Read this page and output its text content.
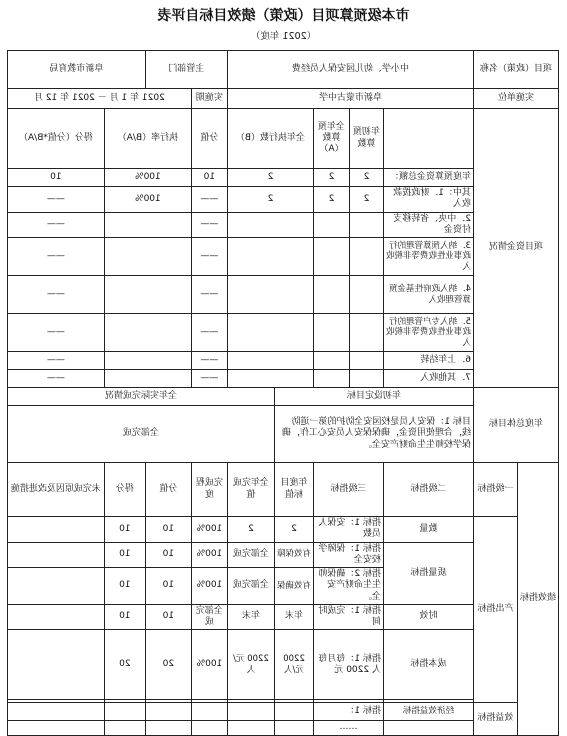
市本级预算项目（政策）绩效目标自评表
（2021 年度）
项目（政策）名称		中小学、幼儿园安保人员经费					主管部门		阜新市教育局	
实施单位		阜新市蒙古中学					实施期	2021 年 1 月 － 2021 年 12 月		
项目资金情况			年初预算数	全年预算数（A）	全年执行数（B）		分值	执行率（B/A）		得分（分值*B/A）
		年度预算资金总额：	2	2	2		10	100%		10
		其中：1．财政拨款收入	2	2	2		——	100%		——
		2．中央、省转移支付资金					——			——
		3．纳入预算管理的行政事业性收费等非税收入					——			——
		4．纳入政府性基金预算管理收入					——			——
		5．纳入专户管理的行政事业性收费等非税收入					——			——
		6．上年结转					——			——
		7．其他收入					——			——
年度总体目标		年初设定目标				全年实际完成情况				
		目标 1：保安人员是校园安全防护的第一道防线，合理使用资金，确保保安人员安心工作，确保学校师生生命财产安全。				全部完成				
绩效指标	一级指标	二级指标	三级指标		年度目标值	全年完成值	完成程度	分值	得分	未完成原因及改进措施
	产出指标	数量	指标 1：安保人员数		2	2	100%	10	10	
		质量指标	指标 1：保障学校安全		有效保障	全部完成	100%	10	10	
			指标 2：确保师生生命财产安全。		有效确保	全部完成	100%	10	10	
		时效	指标 1：完成时间		年末	年末	全部完成	10	10	
		成本指标	指标 1：每月每人 2200 元		2200 元/人	2200 元/人	100%	20	20	

	效益指标	经济效益指标	指标 1：							
			……							
